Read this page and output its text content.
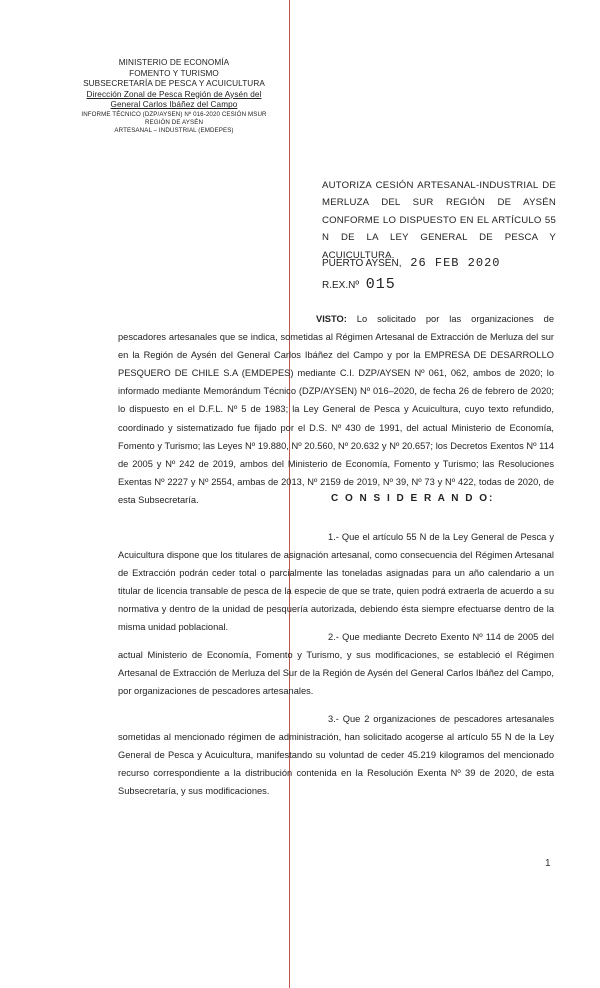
MINISTERIO DE ECONOMÍA
FOMENTO Y TURISMO
SUBSECRETARÍA DE PESCA Y ACUICULTURA
Dirección Zonal de Pesca Región de Aysén del
General Carlos Ibáñez del Campo
INFORME TÉCNICO (DZP/AYSEN) Nº 016-2020 CESIÓN MSUR
REGIÓN DE AYSÉN
ARTESANAL – INDUSTRIAL (EMDEPES)
AUTORIZA CESIÓN ARTESANAL-INDUSTRIAL DE MERLUZA DEL SUR REGIÓN DE AYSÉN CONFORME LO DISPUESTO EN EL ARTÍCULO 55 N DE LA LEY GENERAL DE PESCA Y ACUICULTURA.
PUERTO AYSÉN, 26 FEB 2020
R.EX.Nº 015

VISTO: Lo solicitado por las organizaciones de pescadores artesanales que se indica, sometidas al Régimen Artesanal de Extracción de Merluza del sur en la Región de Aysén del General Carlos Ibáñez del Campo y por la EMPRESA DE DESARROLLO PESQUERO DE CHILE S.A (EMDEPES) mediante C.I. DZP/AYSEN Nº 061, 062, ambos de 2020; lo informado mediante Memorándum Técnico (DZP/AYSEN) Nº 016–2020, de fecha 26 de febrero de 2020; lo dispuesto en el D.F.L. Nº 5 de 1983; la Ley General de Pesca y Acuicultura, cuyo texto refundido, coordinado y sistematizado fue fijado por el D.S. Nº 430 de 1991, del actual Ministerio de Economía, Fomento y Turismo; las Leyes Nº 19.880, Nº 20.560, Nº 20.632 y Nº 20.657; los Decretos Exentos Nº 114 de 2005 y Nº 242 de 2019, ambos del Ministerio de Economía, Fomento y Turismo; las Resoluciones Exentas Nº 2227 y Nº 2554, ambas de 2013, Nº 2159 de 2019, Nº 39, Nº 73 y Nº 422, todas de 2020, de esta Subsecretaría.	C O N S I D E R A N D O:

1.- Que el artículo 55 N de la Ley General de Pesca y Acuicultura dispone que los titulares de asignación artesanal, como consecuencia del Régimen Artesanal de Extracción podrán ceder total o parcialmente las toneladas asignadas para un año calendario a un titular de licencia transable de pesca de la especie de que se trate, quien podrá extraerla de acuerdo a su normativa y dentro de la unidad de pesquería autorizada, debiendo ésta siempre efectuarse dentro de la misma unidad poblacional.

2.- Que mediante Decreto Exento Nº 114 de 2005 del actual Ministerio de Economía, Fomento y Turismo, y sus modificaciones, se estableció el Régimen Artesanal de Extracción de Merluza del Sur de la Región de Aysén del General Carlos Ibáñez del Campo, por organizaciones de pescadores artesanales.

3.- Que 2 organizaciones de pescadores artesanales sometidas al mencionado régimen de administración, han solicitado acogerse al artículo 55 N de la Ley General de Pesca y Acuicultura, manifestando su voluntad de ceder 45.219 kilogramos del mencionado recurso correspondiente a la distribución contenida en la Resolución Exenta Nº 39 de 2020, de esta Subsecretaría, y sus modificaciones.

1
